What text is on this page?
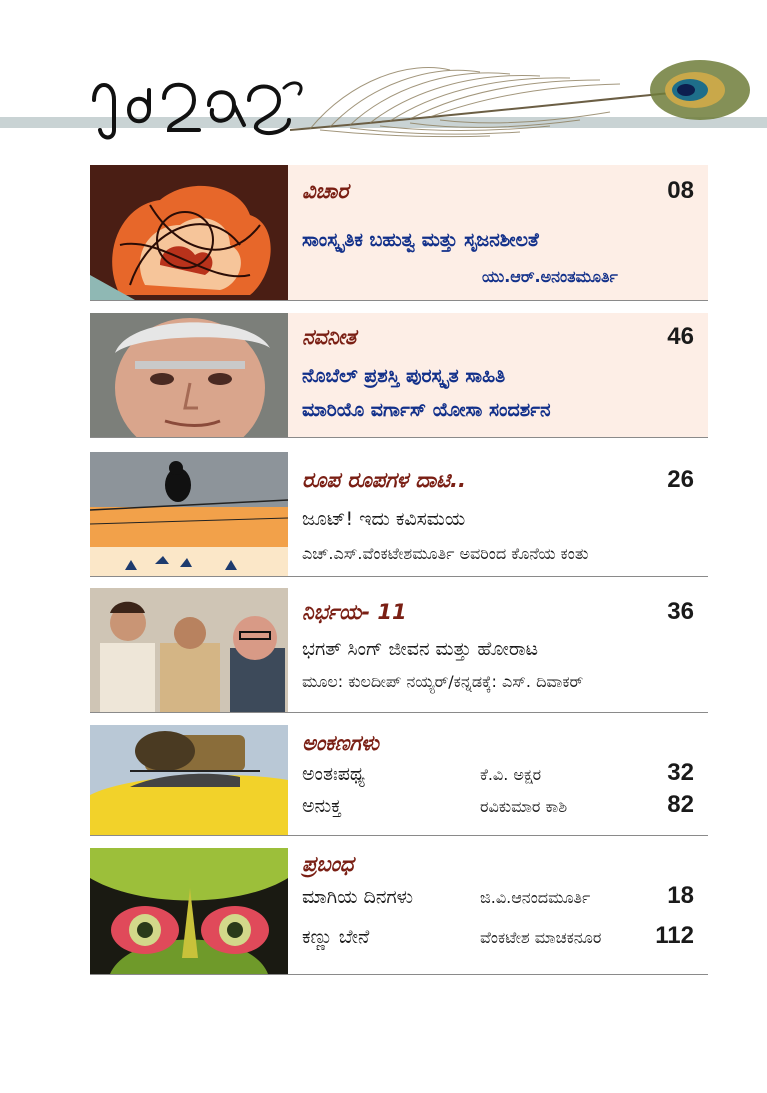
ವಿಚಾರ	08
ಸಾಂಸ್ಕೃತಿಕ ಬಹುತ್ವ ಮತ್ತು ಸೃಜನಶೀಲತೆ
ಯು.ಆರ್.ಅನಂತಮೂರ್ತಿ
ನವನೀತ	46
ನೊಬೆಲ್ ಪ್ರಶಸ್ತಿ ಪುರಸ್ಕೃತ ಸಾಹಿತಿ
ಮಾರಿಯೊ ವರ್ಗಾಸ್ ಯೋಸಾ ಸಂದರ್ಶನ
ರೂಪ ರೂಪಗಳ ದಾಟಿ..	26
ಜೂಟ್! ಇದು ಕವಿಸಮಯ
ಎಚ್.ಎಸ್.ವೆಂಕಟೇಶಮೂರ್ತಿ ಅವರಿಂದ ಕೊನೆಯ ಕಂತು
ನಿರ್ಭಯ- 11	36
ಭಗತ್ ಸಿಂಗ್ ಜೀವನ ಮತ್ತು ಹೋರಾಟ
ಮೂಲ: ಕುಲದೀಪ್ ನಯ್ಯರ್/ಕನ್ನಡಕ್ಕೆ: ಎಸ್. ದಿವಾಕರ್
ಅಂಕಣಗಳು
ಅಂತಃಪಥ್ಯ	ಕೆ.ವಿ. ಅಕ್ಷರ	32
ಅನುಕ್ತ	ರವಿಕುಮಾರ ಕಾಶಿ	82
ಪ್ರಬಂಧ
ಮಾಗಿಯ ದಿನಗಳು	ಜಿ.ವಿ.ಆನಂದಮೂರ್ತಿ	18
ಕಣ್ಣು ಬೇನೆ	ವೆಂಕಟೇಶ ಮಾಚಕನೂರ 112
